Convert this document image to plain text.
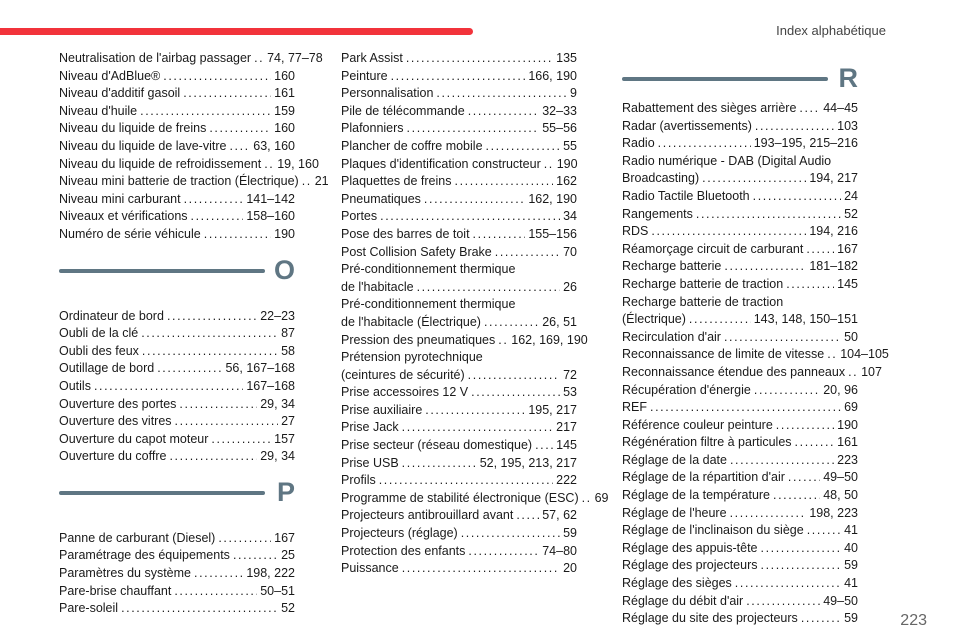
Index alphabétique
Neutralisation de l'airbag passager ..... 74, 77–78
Niveau d'AdBlue® .....	160
Niveau d'additif gasoil .....	161
Niveau d'huile .....	159
Niveau du liquide de freins .....	160
Niveau du liquide de lave-vitre ..... 63, 160
Niveau du liquide de refroidissement ..... 19, 160
Niveau mini batterie de traction (Électrique) ..... 21
Niveau mini carburant .....	141–142
Niveaux et vérifications .....	158–160
Numéro de série véhicule .....	190
O
Ordinateur de bord .....	22–23
Oubli de la clé .....	87
Oubli des feux .....	58
Outillage de bord .....	56, 167–168
Outils .....	167–168
Ouverture des portes .....	29, 34
Ouverture des vitres .....	27
Ouverture du capot moteur .....	157
Ouverture du coffre .....	29, 34
P
Panne de carburant (Diesel) .....	167
Paramétrage des équipements .....	25
Paramètres du système .....	198, 222
Pare-brise chauffant .....	50–51
Pare-soleil .....	52
Park Assist .....	135
Peinture .....	166, 190
Personnalisation .....	9
Pile de télécommande .....	32–33
Plafonniers .....	55–56
Plancher de coffre mobile .....	55
Plaques d'identification constructeur ..... 190
Plaquettes de freins .....	162
Pneumatiques .....	162, 190
Portes .....	34
Pose des barres de toit .....	155–156
Post Collision Safety Brake .....	70
Pré-conditionnement thermique
de l'habitacle .....	26
Pré-conditionnement thermique
de l'habitacle (Électrique) .....	26, 51
Pression des pneumatiques ..... 162, 169, 190
Prétension pyrotechnique
(ceintures de sécurité) .....	72
Prise accessoires 12 V .....	53
Prise auxiliaire .....	195, 217
Prise Jack .....	217
Prise secteur (réseau domestique) ..... 145
Prise USB .....	52, 195, 213, 217
Profils .....	222
Programme de stabilité électronique (ESC) ..... 69
Projecteurs antibrouillard avant ..... 57, 62
Projecteurs (réglage) .....	59
Protection des enfants .....	74–80
Puissance .....	20
R
Rabattement des sièges arrière ..... 44–45
Radar (avertissements) .....	103
Radio .....	193–195, 215–216
Radio numérique - DAB (Digital Audio
Broadcasting) .....	194, 217
Radio Tactile Bluetooth .....	24
Rangements .....	52
RDS .....	194, 216
Réamorçage circuit de carburant .....	167
Recharge batterie .....	181–182
Recharge batterie de traction .....	145
Recharge batterie de traction
(Électrique) .....	143, 148, 150–151
Recirculation d'air .....	50
Reconnaissance de limite de vitesse ..... 104–105
Reconnaissance étendue des panneaux ..... 107
Récupération d'énergie .....	20, 96
REF .....	69
Référence couleur peinture .....	190
Régénération filtre à particules .....	161
Réglage de la date .....	223
Réglage de la répartition d'air .....	49–50
Réglage de la température .....	48, 50
Réglage de l'heure .....	198, 223
Réglage de l'inclinaison du siège .....	41
Réglage des appuis-tête .....	40
Réglage des projecteurs .....	59
Réglage des sièges .....	41
Réglage du débit d'air .....	49–50
Réglage du site des projecteurs .....	59	223
